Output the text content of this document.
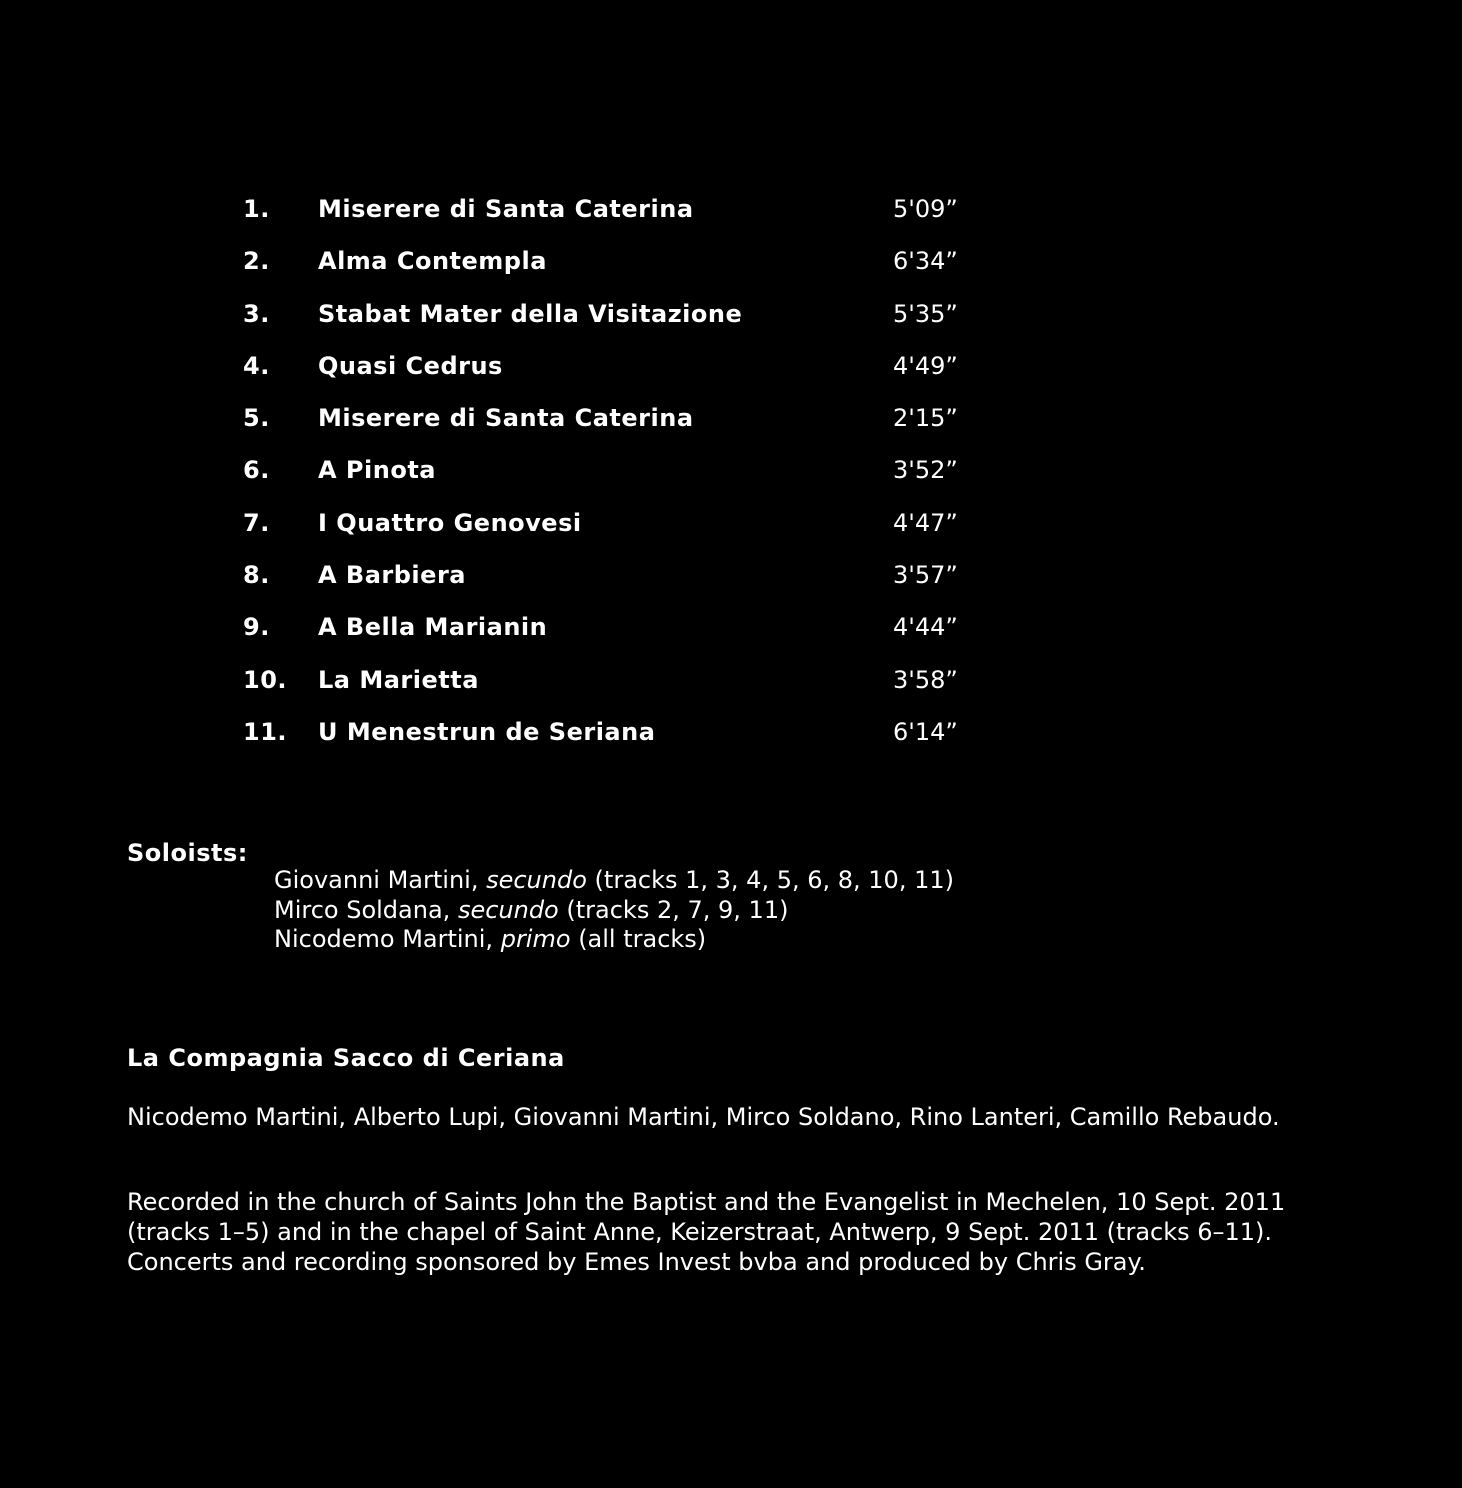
1. Miserere di Santa Caterina	5'09”
2. Alma Contempla	6'34”
3. Stabat Mater della Visitazione	5'35”
4. Quasi Cedrus	4'49”
5. Miserere di Santa Caterina	2'15”
6. A Pinota	3'52”
7. I Quattro Genovesi	4'47”
8. A Barbiera	3'57”
9. A Bella Marianin	4'44”
10. La Marietta	3'58”
11. U Menestrun de Seriana	6'14”
Soloists:
Giovanni Martini, secundo (tracks 1, 3, 4, 5, 6, 8, 10, 11)
Mirco Soldana, secundo (tracks 2, 7, 9, 11)
Nicodemo Martini, primo (all tracks)
La Compagnia Sacco di Ceriana
Nicodemo Martini, Alberto Lupi, Giovanni Martini, Mirco Soldano, Rino Lanteri, Camillo Rebaudo.
Recorded in the church of Saints John the Baptist and the Evangelist in Mechelen, 10 Sept. 2011
(tracks 1–5) and in the chapel of Saint Anne, Keizerstraat, Antwerp, 9 Sept. 2011 (tracks 6–11).
Concerts and recording sponsored by Emes Invest bvba and produced by Chris Gray.
